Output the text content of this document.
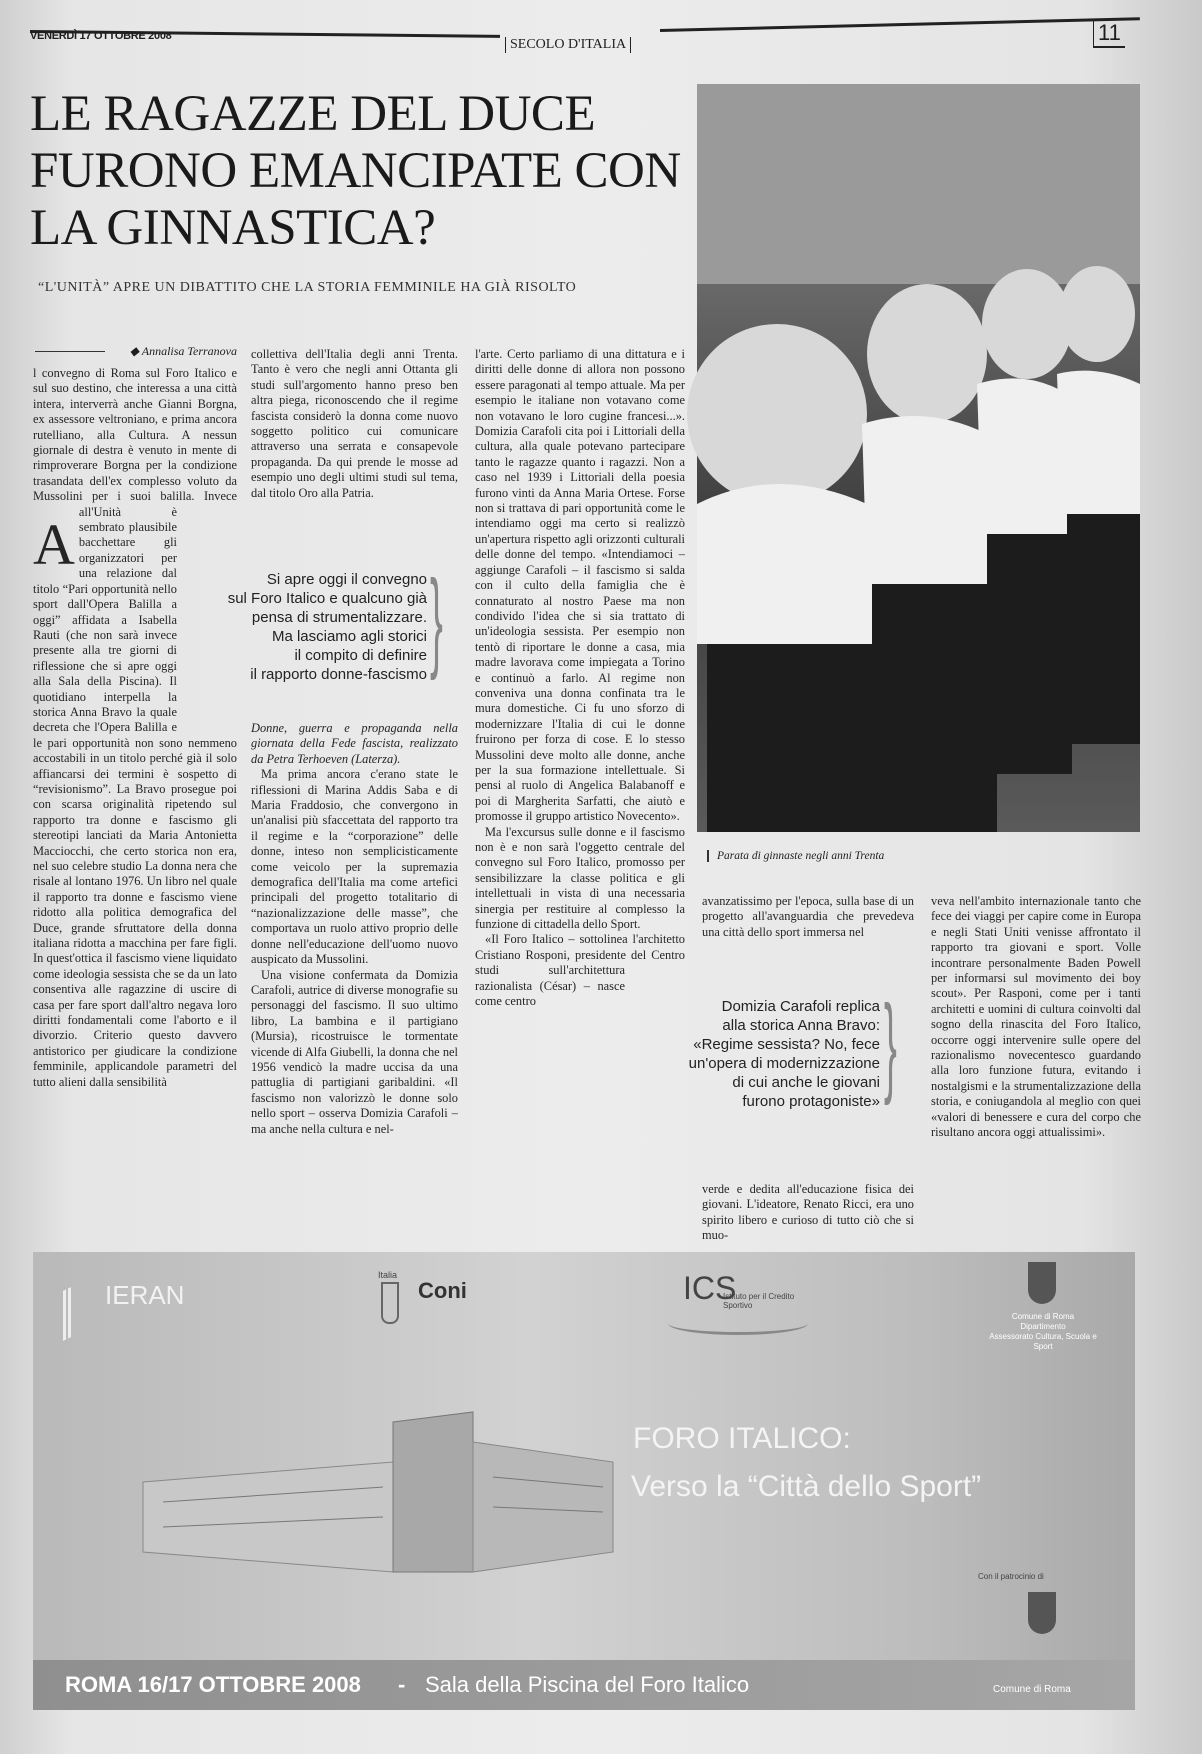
VENERDÌ 17 OTTOBRE 2008
SECOLO D'ITALIA	11
LE RAGAZZE DEL DUCE FURONO EMANCIPATE CON LA GINNASTICA?
“L'UNITÀ” APRE UN DIBATTITO CHE LA STORIA FEMMINILE HA GIÀ RISOLTO
◆ Annalisa Terranova

A
l convegno di Roma sul Foro Italico e sul suo destino, che interessa a una città intera, interverrà anche Gianni Borgna, ex assessore veltroniano, e prima ancora rutelliano, alla Cultura. A nessun giornale di destra è venuto in mente di rimproverare Borgna per la condizione trasandata dell'ex complesso voluto da Mussolini per i suoi balilla. Invece all'Unità è sembrato plausibile bacchettare gli organizzatori per una relazione dal titolo “Pari opportunità nello sport dall'Opera Balilla a oggi” affidata a Isabella Rauti (che non sarà invece presente alla tre giorni di riflessione che si apre oggi alla Sala della Piscina). Il quotidiano interpella la storica Anna Bravo la quale decreta che l'Opera Balilla e le pari opportunità non sono nemmeno accostabili in un titolo perché già il solo affiancarsi dei termini è sospetto di “revisionismo”. La Bravo prosegue poi con scarsa originalità ripetendo sul rapporto tra donne e fascismo gli stereotipi lanciati da Maria Antonietta Macciocchi, che certo storica non era, nel suo celebre studio La donna nera che risale al lontano 1976. Un libro nel quale il rapporto tra donne e fascismo viene ridotto alla politica demografica del Duce, grande sfruttatore della donna italiana ridotta a macchina per fare figli. In quest'ottica il fascismo viene liquidato come ideologia sessista che se da un lato consentiva alle ragazzine di uscire di casa per fare sport dall'altro negava loro diritti fondamentali come l'aborto e il divorzio. Criterio questo davvero antistorico per giudicare la condizione femminile, applicandole parametri del tutto alieni dalla sensibilità

collettiva dell'Italia degli anni Trenta. Tanto è vero che negli anni Ottanta gli studi sull'argomento hanno preso ben altra piega, riconoscendo che il regime fascista considerò la donna come nuovo soggetto politico cui comunicare attraverso una serrata e consapevole propaganda. Da qui prende le mosse ad esempio uno degli ultimi studi sul tema, dal titolo Oro alla Patria.

Donne, guerra e propaganda nella giornata della Fede fascista, realizzato da Petra Terhoeven (Laterza).

Ma prima ancora c'erano state le riflessioni di Marina Addis Saba e di Maria Fraddosio, che convergono in un'analisi più sfaccettata del rapporto tra il regime e la “corporazione” delle donne, inteso non semplicisticamente come veicolo per la supremazia demografica dell'Italia ma come artefici principali del progetto totalitario di “nazionalizzazione delle masse”, che comportava un ruolo attivo proprio delle donne nell'educazione dell'uomo nuovo auspicato da Mussolini.

Una visione confermata da Domizia Carafoli, autrice di diverse monografie su personaggi del fascismo. Il suo ultimo libro, La bambina e il partigiano (Mursia), ricostruisce le tormentate vicende di Alfa Giubelli, la donna che nel 1956 vendicò la madre uccisa da una pattuglia di partigiani garibaldini. «Il fascismo non valorizzò le donne solo nello sport – osserva Domizia Carafoli – ma anche nella cultura e nel-

Si apre oggi il convegno
sul Foro Italico e qualcuno già
pensa di strumentalizzare.
Ma lasciamo agli storici
il compito di definire
il rapporto donne-fascismo }

l'arte. Certo parliamo di una dittatura e i diritti delle donne di allora non possono essere paragonati al tempo attuale. Ma per esempio le italiane non votavano come non votavano le loro cugine francesi...». Domizia Carafoli cita poi i Littoriali della cultura, alla quale potevano partecipare tanto le ragazze quanto i ragazzi. Non a caso nel 1939 i Littoriali della poesia furono vinti da Anna Maria Ortese. Forse non si trattava di pari opportunità come le intendiamo oggi ma certo si realizzò un'apertura rispetto agli orizzonti culturali delle donne del tempo. «Intendiamoci – aggiunge Carafoli – il fascismo si salda con il culto della famiglia che è connaturato al nostro Paese ma non condivido l'idea che si sia trattato di un'ideologia sessista. Per esempio non tentò di riportare le donne a casa, mia madre lavorava come impiegata a Torino e continuò a farlo. Al regime non conveniva una donna confinata tra le mura domestiche. Ci fu uno sforzo di modernizzare l'Italia di cui le donne fruirono per forza di cose. E lo stesso Mussolini deve molto alle donne, anche per la sua formazione intellettuale. Si pensi al ruolo di Angelica Balabanoff e poi di Margherita Sarfatti, che aiutò e promosse il gruppo artistico Novecento».

Ma l'excursus sulle donne e il fascismo non è e non sarà l'oggetto centrale del convegno sul Foro Italico, promosso per sensibilizzare la classe politica e gli intellettuali in vista di una necessaria sinergia per restituire al complesso la funzione di cittadella dello Sport.

«Il Foro Italico – sottolinea l'architetto Cristiano Rosponi, presidente del Centro studi sull'architettura razionalista (César) – nasce come centro

Parata di ginnaste negli anni Trenta

avanzatissimo per l'epoca, sulla base di un progetto all'avanguardia che prevedeva una città dello sport immersa nel

verde e dedita all'educazione fisica dei giovani. L'ideatore, Renato Ricci, era uno spirito libero e curioso di tutto ciò che si muo-

Domizia Carafoli replica
alla storica Anna Bravo:
«Regime sessista? No, fece
un'opera di modernizzazione
di cui anche le giovani
furono protagoniste» }

veva nell'ambito internazionale tanto che fece dei viaggi per capire come in Europa e negli Stati Uniti venisse affrontato il rapporto tra giovani e sport. Volle incontrare personalmente Baden Powell per informarsi sul movimento dei boy scout». Per Rasponi, come per i tanti architetti e uomini di cultura coinvolti dal sogno della rinascita del Foro Italico, occorre oggi intervenire sulle opere del razionalismo novecentesco guardando alla loro funzione futura, evitando i nostalgismi e la strumentalizzazione della storia, e coniugandola al meglio con quei «valori di benessere e cura del corpo che risultano ancora oggi attualissimi».

IERAN
Italia
Coni	ICS
Istituto per il Credito Sportivo
Comune di Roma
Dipartimento
Assessorato Cultura, Scuola e Sport
FORO ITALICO:
Verso la “Città dello Sport”
Con il patrocinio di
ROMA 16/17 OTTOBRE 2008 - Sala della Piscina del Foro Italico	Comune di Roma
